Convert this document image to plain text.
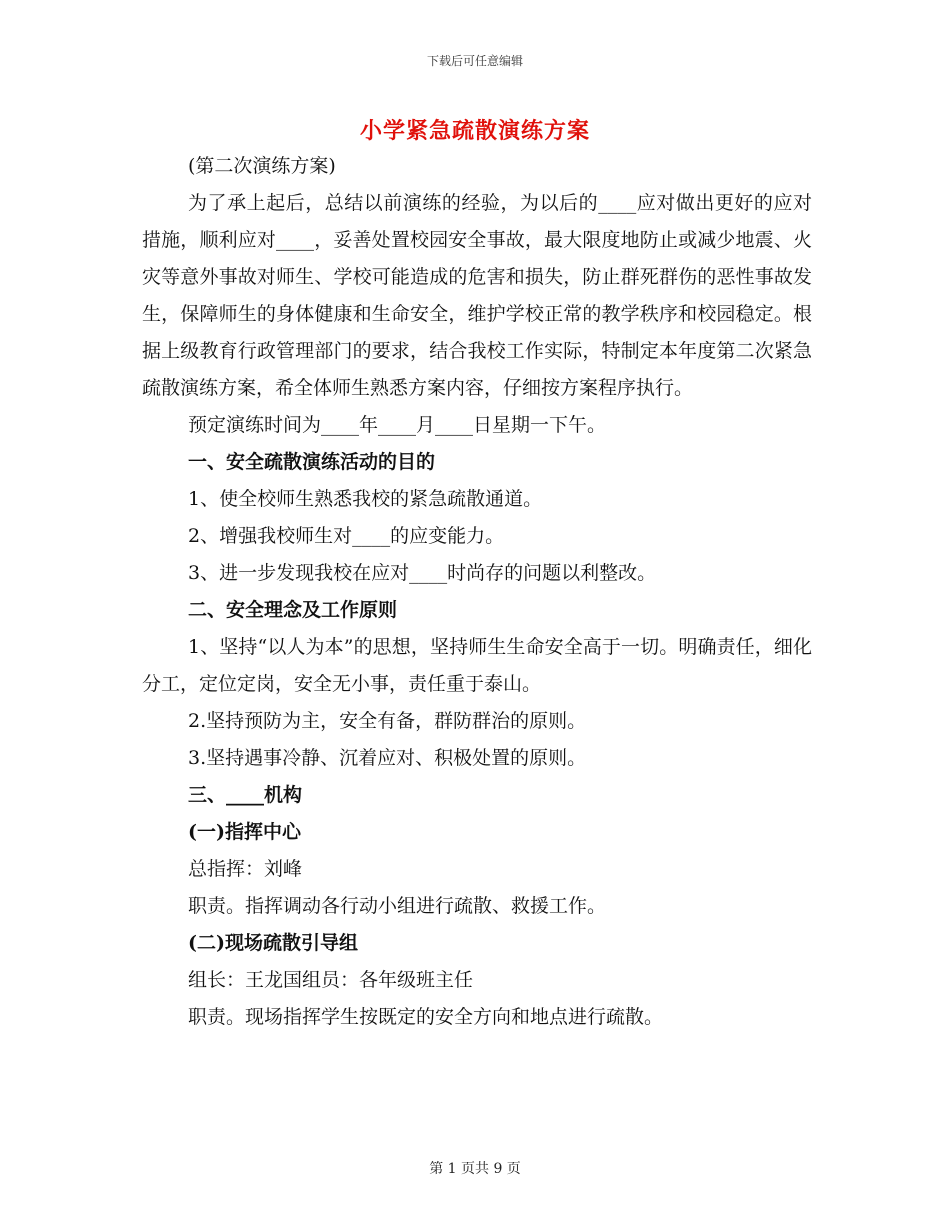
下载后可任意编辑
小学紧急疏散演练方案

(第二次演练方案)

为了承上起后，总结以前演练的经验，为以后的____应对做出更好的应对措施，顺利应对____，妥善处置校园安全事故，最大限度地防止或减少地震、火灾等意外事故对师生、学校可能造成的危害和损失，防止群死群伤的恶性事故发生，保障师生的身体健康和生命安全，维护学校正常的教学秩序和校园稳定。根据上级教育行政管理部门的要求，结合我校工作实际，特制定本年度第二次紧急疏散演练方案，希全体师生熟悉方案内容，仔细按方案程序执行。

预定演练时间为____年____月____日星期一下午。

一、安全疏散演练活动的目的

1、使全校师生熟悉我校的紧急疏散通道。

2、增强我校师生对____的应变能力。

3、进一步发现我校在应对____时尚存的问题以利整改。

二、安全理念及工作原则

1、坚持“以人为本”的思想，坚持师生生命安全高于一切。明确责任，细化分工，定位定岗，安全无小事，责任重于泰山。

2.坚持预防为主，安全有备，群防群治的原则。

3.坚持遇事冷静、沉着应对、积极处置的原则。

三、____机构

(一)指挥中心

总指挥：刘峰

职责。指挥调动各行动小组进行疏散、救援工作。

(二)现场疏散引导组

组长：王龙国组员：各年级班主任

职责。现场指挥学生按既定的安全方向和地点进行疏散。

第 1 页共 9 页
